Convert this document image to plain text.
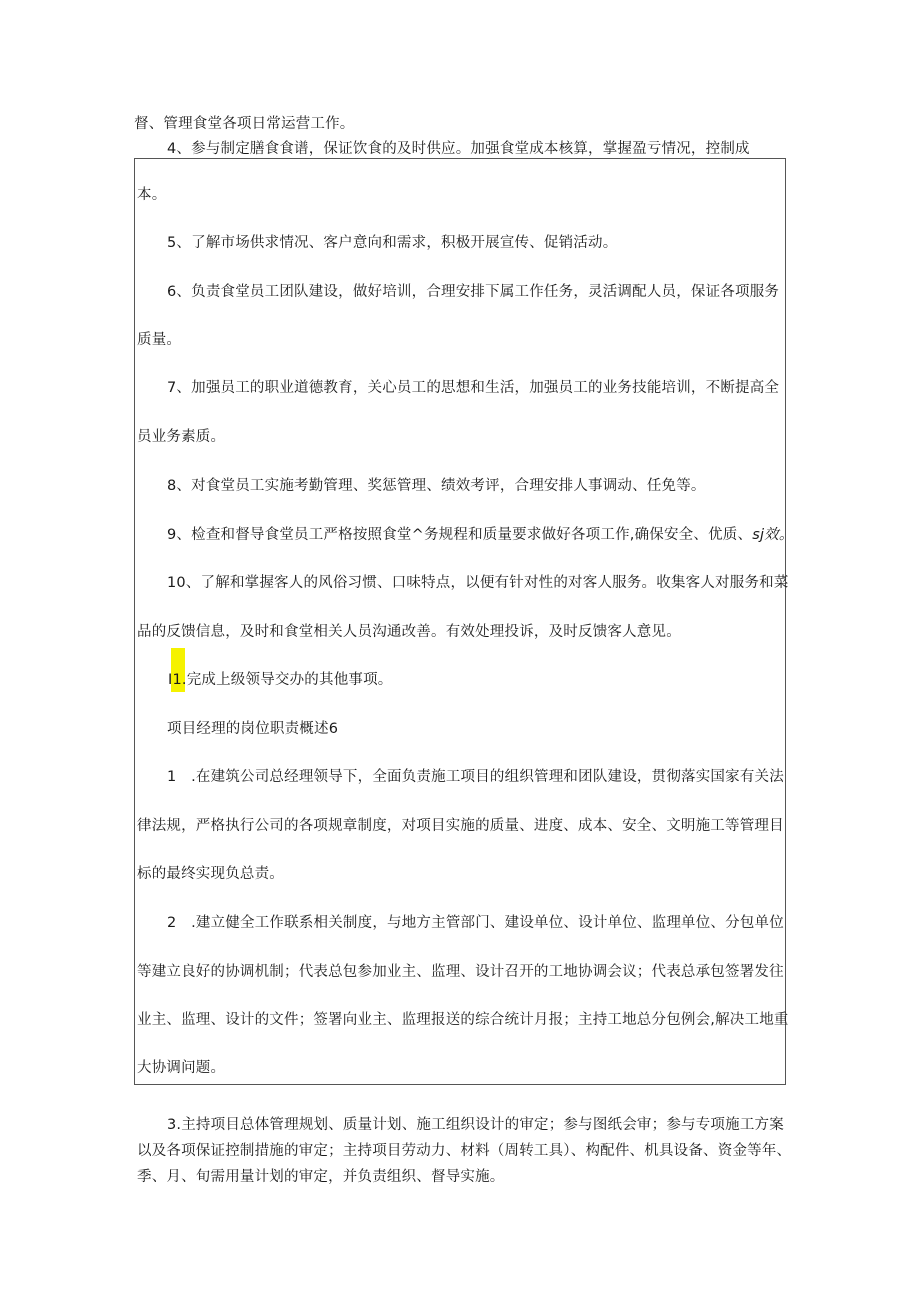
督、管理食堂各项日常运营工作。
4、参与制定膳食食谱，保证饮食的及时供应。加强食堂成本核算，掌握盈亏情况，控制成
本。
5、了解市场供求情况、客户意向和需求，积极开展宣传、促销活动。
6、负责食堂员工团队建设，做好培训，合理安排下属工作任务，灵活调配人员，保证各项服务
质量。
7、加强员工的职业道德教育，关心员工的思想和生活，加强员工的业务技能培训，不断提高全
员业务素质。
8、对食堂员工实施考勤管理、奖惩管理、绩效考评，合理安排人事调动、任免等。
9、检查和督导食堂员工严格按照食堂^务规程和质量要求做好各项工作,确保安全、优质、sj效。
10、了解和掌握客人的风俗习惯、口味特点，以便有针对性的对客人服务。收集客人对服务和菜
品的反馈信息，及时和食堂相关人员沟通改善。有效处理投诉，及时反馈客人意见。
I1.完成上级领导交办的其他事项。
项目经理的岗位职责概述6
1　.在建筑公司总经理领导下，全面负责施工项目的组织管理和团队建设，贯彻落实国家有关法
律法规，严格执行公司的各项规章制度，对项目实施的质量、进度、成本、安全、文明施工等管理目
标的最终实现负总责。
2　.建立健全工作联系相关制度，与地方主管部门、建设单位、设计单位、监理单位、分包单位
等建立良好的协调机制；代表总包参加业主、监理、设计召开的工地协调会议；代表总承包签署发往
业主、监理、设计的文件；签署向业主、监理报送的综合统计月报；主持工地总分包例会,解决工地重
大协调问题。
3.主持项目总体管理规划、质量计划、施工组织设计的审定；参与图纸会审；参与专项施工方案
以及各项保证控制措施的审定；主持项目劳动力、材料（周转工具）、构配件、机具设备、资金等年、
季、月、旬需用量计划的审定，并负责组织、督导实施。
